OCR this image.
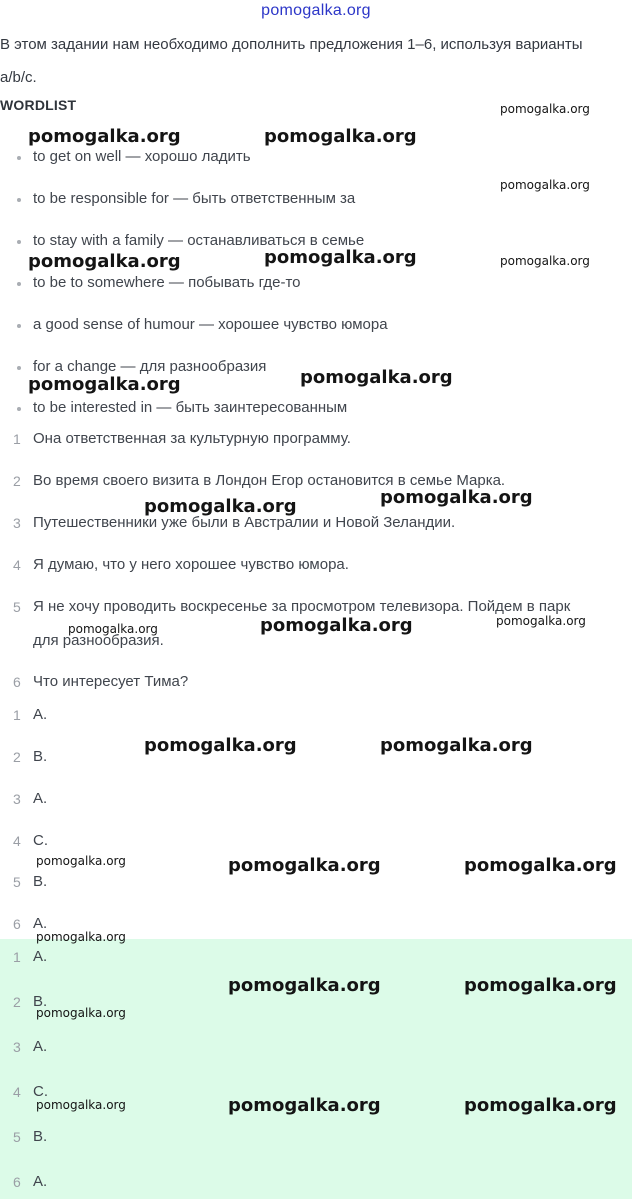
pomogalka.org

В этом задании нам необходимо дополнить предложения 1–6, используя варианты a/b/c.

WORDLIST
to get on well — хорошо ладить
to be responsible for — быть ответственным за
to stay with a family — останавливаться в семье
to be to somewhere — побывать где-то
a good sense of humour — хорошее чувство юмора
for a change — для разнообразия
to be interested in — быть заинтересованным
1 Она ответственная за культурную программу.
2 Во время своего визита в Лондон Егор остановится в семье Марка.
3 Путешественники уже были в Австралии и Новой Зеландии.
4 Я думаю, что у него хорошее чувство юмора.
5 Я не хочу проводить воскресенье за просмотром телевизора. Пойдем в парк для разнообразия.
6 Что интересует Тима?
1 A.
2 B.
3 A.
4 C.
5 B.
6 A.
1 A.
2 B.
3 A.
4 C.
5 B.
6 A.
pomogalka.org
pomogalka.org	pomogalka.org
pomogalka.org
pomogalka.org	pomogalka.org	pomogalka.org
pomogalka.org	pomogalka.org
pomogalka.org	pomogalka.org
pomogalka.org	pomogalka.org	pomogalka.org
pomogalka.org	pomogalka.org
pomogalka.org	pomogalka.org	pomogalka.org
pomogalka.org
pomogalka.org	pomogalka.org
pomogalka.org
pomogalka.org	pomogalka.org	pomogalka.org
